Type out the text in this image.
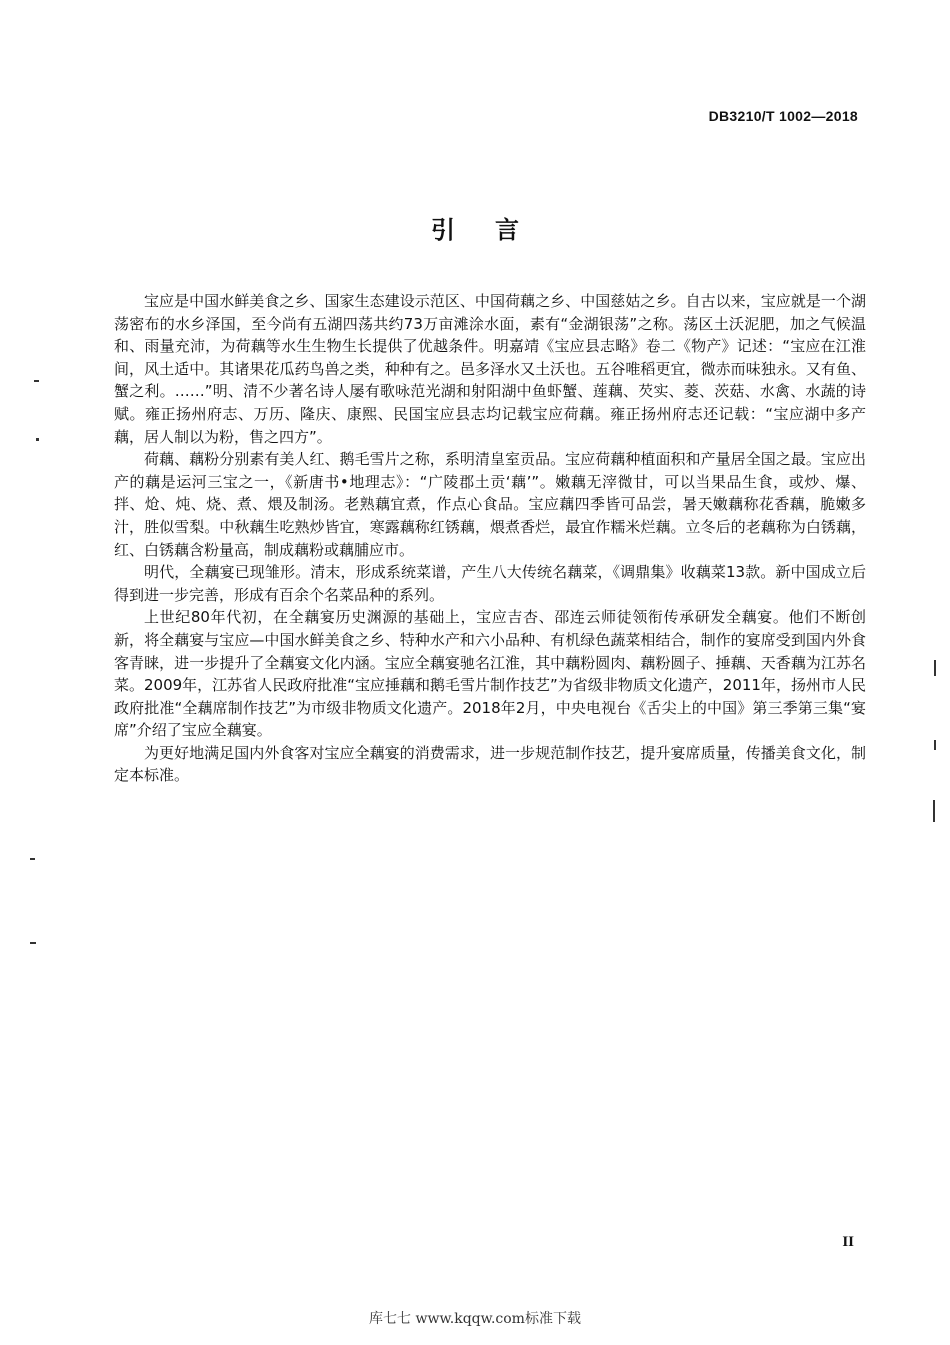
DB3210/T 1002—2018
引言

宝应是中国水鲜美食之乡、国家生态建设示范区、中国荷藕之乡、中国慈姑之乡。自古以来，宝应就是一个湖荡密布的水乡泽国，至今尚有五湖四荡共约73万亩滩涂水面，素有“金湖银荡”之称。荡区土沃泥肥，加之气候温和、雨量充沛，为荷藕等水生生物生长提供了优越条件。明嘉靖《宝应县志略》卷二《物产》记述：“宝应在江淮间，风土适中。其诸果花瓜药鸟兽之类，种种有之。邑多泽水又土沃也。五谷唯稻更宜，微赤而味独永。又有鱼、蟹之利。……”明、清不少著名诗人屡有歌咏范光湖和射阳湖中鱼虾蟹、莲藕、芡实、菱、茨菇、水禽、水蔬的诗赋。雍正扬州府志、万历、隆庆、康熙、民国宝应县志均记载宝应荷藕。雍正扬州府志还记载：“宝应湖中多产藕，居人制以为粉，售之四方”。

荷藕、藕粉分别素有美人红、鹅毛雪片之称，系明清皇室贡品。宝应荷藕种植面积和产量居全国之最。宝应出产的藕是运河三宝之一，《新唐书•地理志》：“广陵郡土贡‘藕’”。嫩藕无滓微甘，可以当果品生食，或炒、爆、拌、炝、炖、烧、煮、煨及制汤。老熟藕宜煮，作点心食品。宝应藕四季皆可品尝，暑天嫩藕称花香藕，脆嫩多汁，胜似雪梨。中秋藕生吃熟炒皆宜，寒露藕称红锈藕，煨煮香烂，最宜作糯米烂藕。立冬后的老藕称为白锈藕，红、白锈藕含粉量高，制成藕粉或藕脯应市。

明代，全藕宴已现雏形。清末，形成系统菜谱，产生八大传统名藕菜，《调鼎集》收藕菜13款。新中国成立后得到进一步完善，形成有百余个名菜品种的系列。

上世纪80年代初，在全藕宴历史渊源的基础上，宝应吉杏、邵连云师徒领衔传承研发全藕宴。他们不断创新，将全藕宴与宝应—中国水鲜美食之乡、特种水产和六小品种、有机绿色蔬菜相结合，制作的宴席受到国内外食客青睐，进一步提升了全藕宴文化内涵。宝应全藕宴驰名江淮，其中藕粉圆肉、藕粉圆子、捶藕、天香藕为江苏名菜。2009年，江苏省人民政府批准“宝应捶藕和鹅毛雪片制作技艺”为省级非物质文化遗产，2011年，扬州市人民政府批准“全藕席制作技艺”为市级非物质文化遗产。2018年2月，中央电视台《舌尖上的中国》第三季第三集“宴席”介绍了宝应全藕宴。

为更好地满足国内外食客对宝应全藕宴的消费需求，进一步规范制作技艺，提升宴席质量，传播美食文化，制定本标准。

II
库七七 www.kqqw.com标准下载
